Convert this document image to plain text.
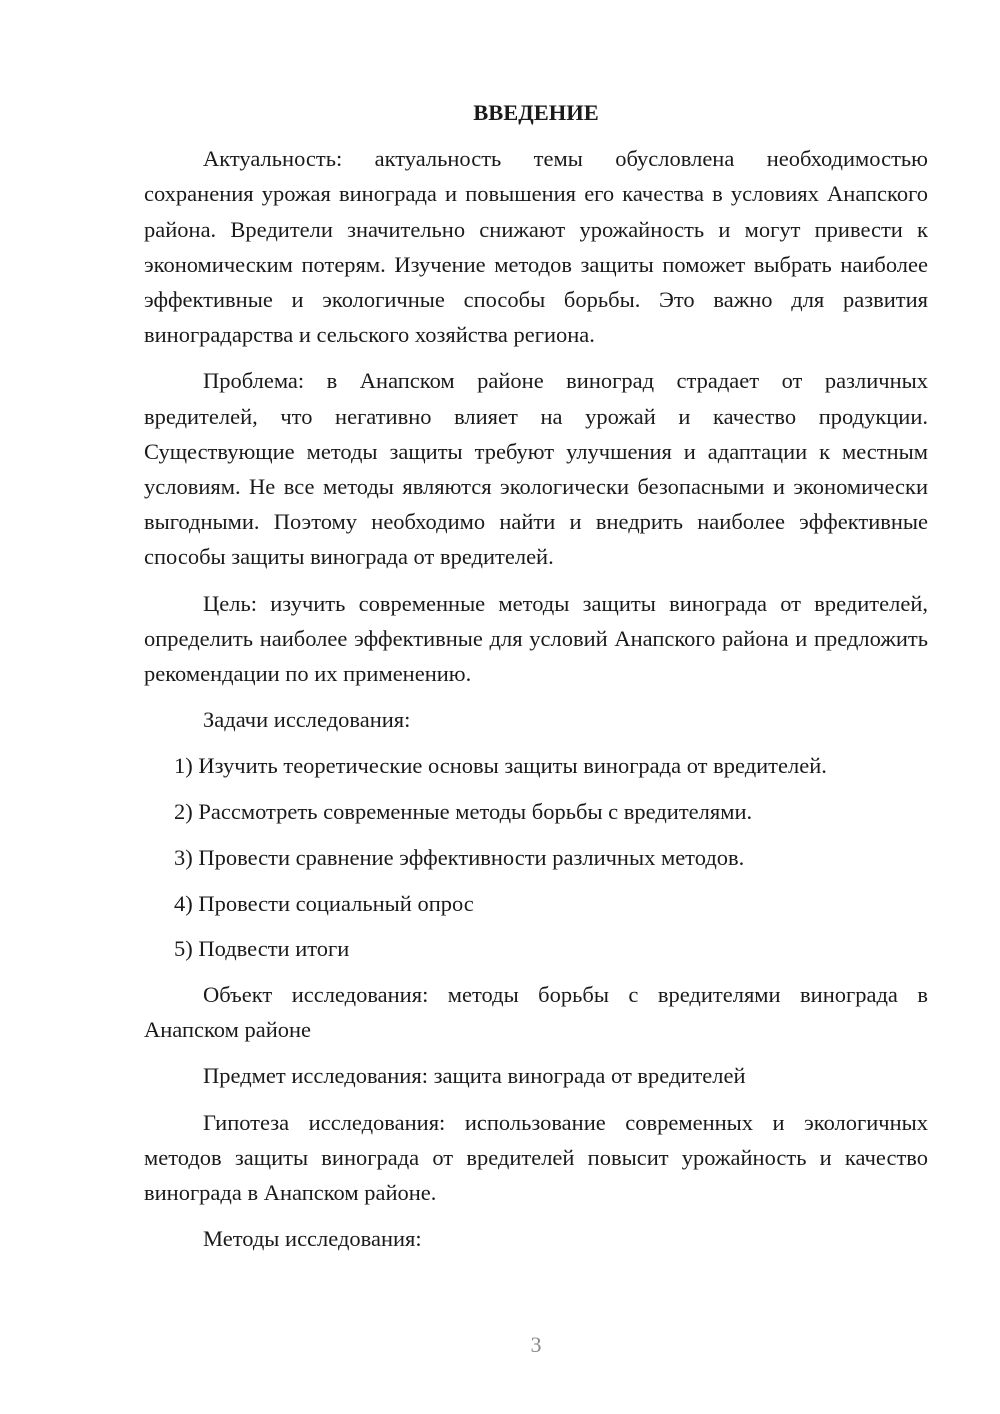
ВВЕДЕНИЕ

Актуальность: актуальность темы обусловлена необходимостью сохранения урожая винограда и повышения его качества в условиях Анапского района. Вредители значительно снижают урожайность и могут привести к экономическим потерям. Изучение методов защиты поможет выбрать наиболее эффективные и экологичные способы борьбы. Это важно для развития виноградарства и сельского хозяйства региона.

Проблема: в Анапском районе виноград страдает от различных вредителей, что негативно влияет на урожай и качество продукции. Существующие методы защиты требуют улучшения и адаптации к местным условиям. Не все методы являются экологически безопасными и экономически выгодными. Поэтому необходимо найти и внедрить наиболее эффективные способы защиты винограда от вредителей.

Цель: изучить современные методы защиты винограда от вредителей, определить наиболее эффективные для условий Анапского района и предложить рекомендации по их применению.

Задачи исследования:

1) Изучить теоретические основы защиты винограда от вредителей.
2) Рассмотреть современные методы борьбы с вредителями.
3) Провести сравнение эффективности различных методов.
4) Провести социальный опрос
5) Подвести итоги

Объект исследования: методы борьбы с вредителями винограда в Анапском районе

Предмет исследования: защита винограда от вредителей

Гипотеза исследования: использование современных и экологичных методов защиты винограда от вредителей повысит урожайность и качество винограда в Анапском районе.

Методы исследования:

3
